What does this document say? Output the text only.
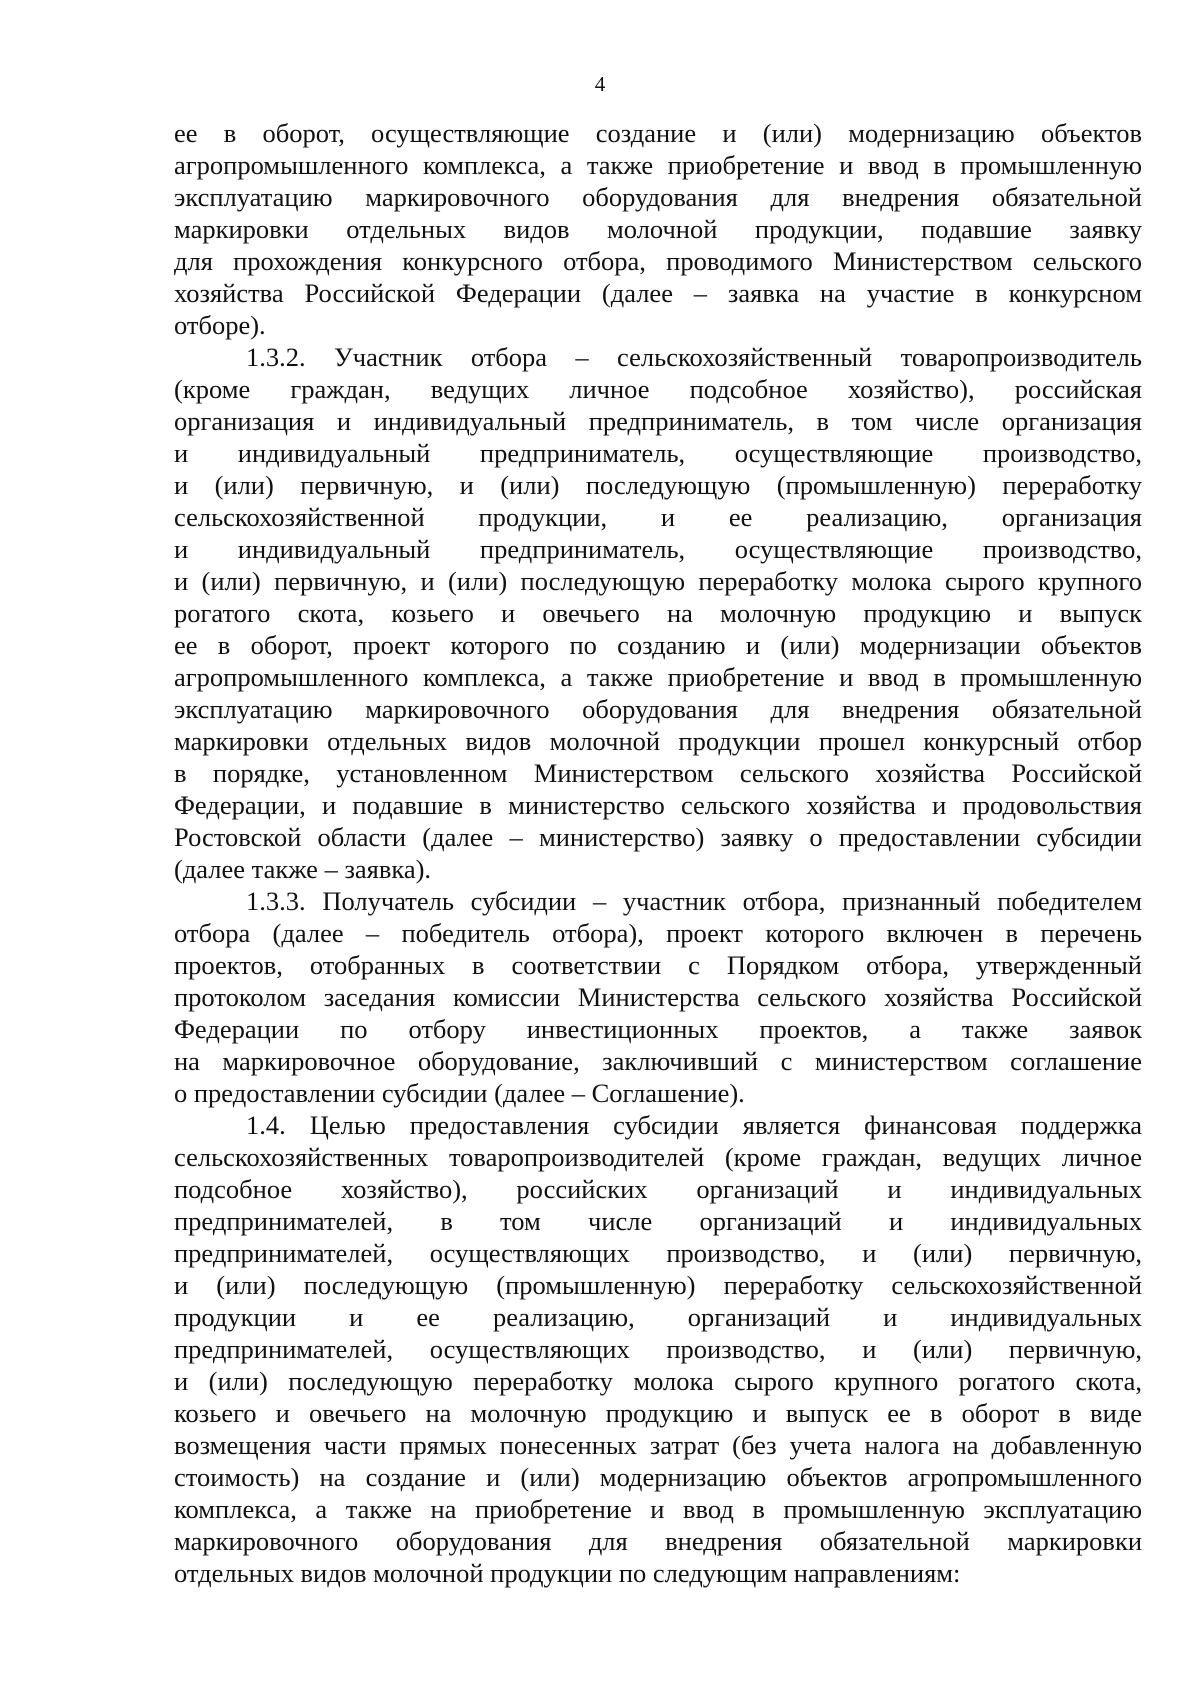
4
ее в оборот, осуществляющие создание и (или) модернизацию объектов
агропромышленного комплекса, а также приобретение и ввод в промышленную
эксплуатацию маркировочного оборудования для внедрения обязательной
маркировки отдельных видов молочной продукции, подавшие заявку
для прохождения конкурсного отбора, проводимого Министерством сельского
хозяйства Российской Федерации (далее – заявка на участие в конкурсном
отборе).
1.3.2. Участник отбора – сельскохозяйственный товаропроизводитель
(кроме граждан, ведущих личное подсобное хозяйство), российская
организация и индивидуальный предприниматель, в том числе организация
и индивидуальный предприниматель, осуществляющие производство,
и (или) первичную, и (или) последующую (промышленную) переработку
сельскохозяйственной продукции, и ее реализацию, организация
и индивидуальный предприниматель, осуществляющие производство,
и (или) первичную, и (или) последующую переработку молока сырого крупного
рогатого скота, козьего и овечьего на молочную продукцию и выпуск
ее в оборот, проект которого по созданию и (или) модернизации объектов
агропромышленного комплекса, а также приобретение и ввод в промышленную
эксплуатацию маркировочного оборудования для внедрения обязательной
маркировки отдельных видов молочной продукции прошел конкурсный отбор
в порядке, установленном Министерством сельского хозяйства Российской
Федерации, и подавшие в министерство сельского хозяйства и продовольствия
Ростовской области (далее – министерство) заявку о предоставлении субсидии
(далее также – заявка).
1.3.3. Получатель субсидии – участник отбора, признанный победителем
отбора (далее – победитель отбора), проект которого включен в перечень
проектов, отобранных в соответствии с Порядком отбора, утвержденный
протоколом заседания комиссии Министерства сельского хозяйства Российской
Федерации по отбору инвестиционных проектов, а также заявок
на маркировочное оборудование, заключивший с министерством соглашение
о предоставлении субсидии (далее – Соглашение).
1.4. Целью предоставления субсидии является финансовая поддержка
сельскохозяйственных товаропроизводителей (кроме граждан, ведущих личное
подсобное хозяйство), российских организаций и индивидуальных
предпринимателей, в том числе организаций и индивидуальных
предпринимателей, осуществляющих производство, и (или) первичную,
и (или) последующую (промышленную) переработку сельскохозяйственной
продукции и ее реализацию, организаций и индивидуальных
предпринимателей, осуществляющих производство, и (или) первичную,
и (или) последующую переработку молока сырого крупного рогатого скота,
козьего и овечьего на молочную продукцию и выпуск ее в оборот в виде
возмещения части прямых понесенных затрат (без учета налога на добавленную
стоимость) на создание и (или) модернизацию объектов агропромышленного
комплекса, а также на приобретение и ввод в промышленную эксплуатацию
маркировочного оборудования для внедрения обязательной маркировки
отдельных видов молочной продукции по следующим направлениям:
